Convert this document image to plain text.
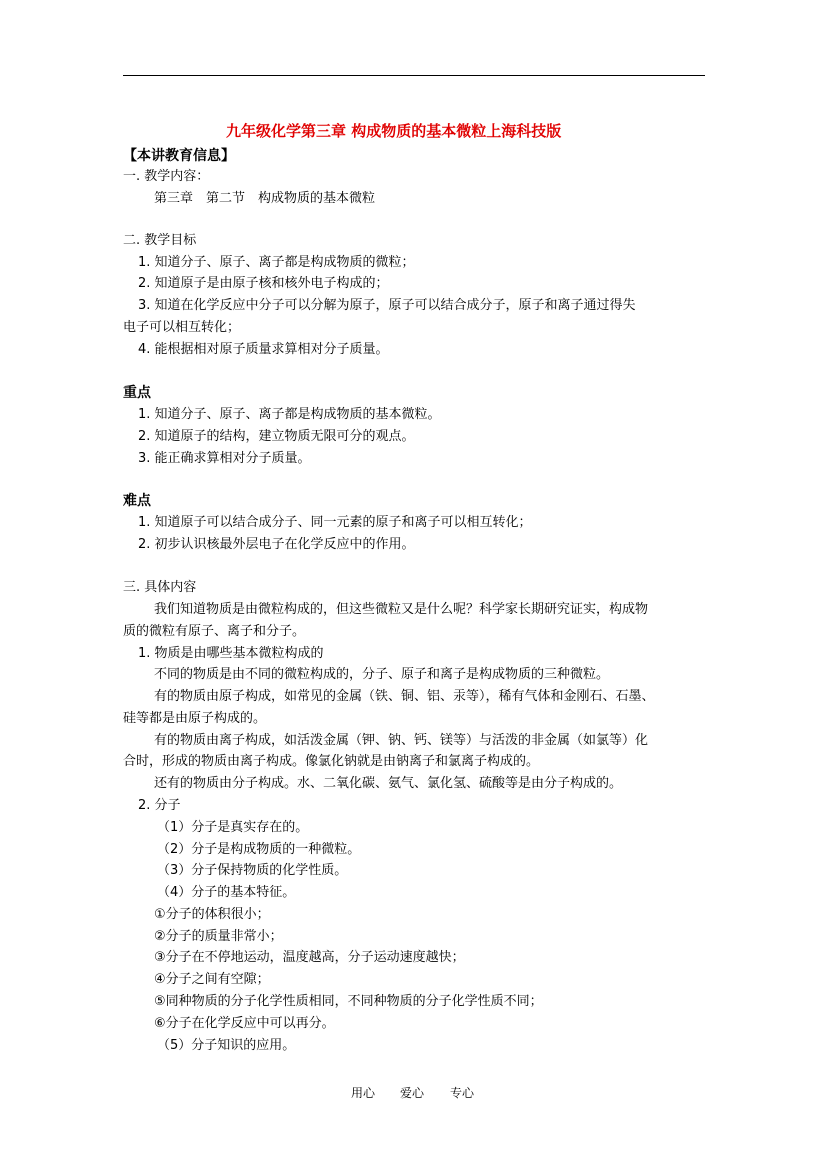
九年级化学第三章 构成物质的基本微粒上海科技版
【本讲教育信息】
一. 教学内容：
第三章　第二节　构成物质的基本微粒
二. 教学目标
1. 知道分子、原子、离子都是构成物质的微粒；
2. 知道原子是由原子核和核外电子构成的；
3. 知道在化学反应中分子可以分解为原子，原子可以结合成分子，原子和离子通过得失
电子可以相互转化；
4. 能根据相对原子质量求算相对分子质量。
重点
1. 知道分子、原子、离子都是构成物质的基本微粒。
2. 知道原子的结构，建立物质无限可分的观点。
3. 能正确求算相对分子质量。
难点
1. 知道原子可以结合成分子、同一元素的原子和离子可以相互转化；
2. 初步认识核最外层电子在化学反应中的作用。
三. 具体内容
我们知道物质是由微粒构成的，但这些微粒又是什么呢？科学家长期研究证实，构成物
质的微粒有原子、离子和分子。
1. 物质是由哪些基本微粒构成的
不同的物质是由不同的微粒构成的，分子、原子和离子是构成物质的三种微粒。
有的物质由原子构成，如常见的金属（铁、铜、铝、汞等），稀有气体和金刚石、石墨、
硅等都是由原子构成的。
有的物质由离子构成，如活泼金属（钾、钠、钙、镁等）与活泼的非金属（如氯等）化
合时，形成的物质由离子构成。像氯化钠就是由钠离子和氯离子构成的。
还有的物质由分子构成。水、二氧化碳、氨气、氯化氢、硫酸等是由分子构成的。
2. 分子
（1）分子是真实存在的。
（2）分子是构成物质的一种微粒。
（3）分子保持物质的化学性质。
（4）分子的基本特征。
①分子的体积很小；
②分子的质量非常小；
③分子在不停地运动，温度越高，分子运动速度越快；
④分子之间有空隙；
⑤同种物质的分子化学性质相同，不同种物质的分子化学性质不同；
⑥分子在化学反应中可以再分。
（5）分子知识的应用。
用心 爱心 专心
